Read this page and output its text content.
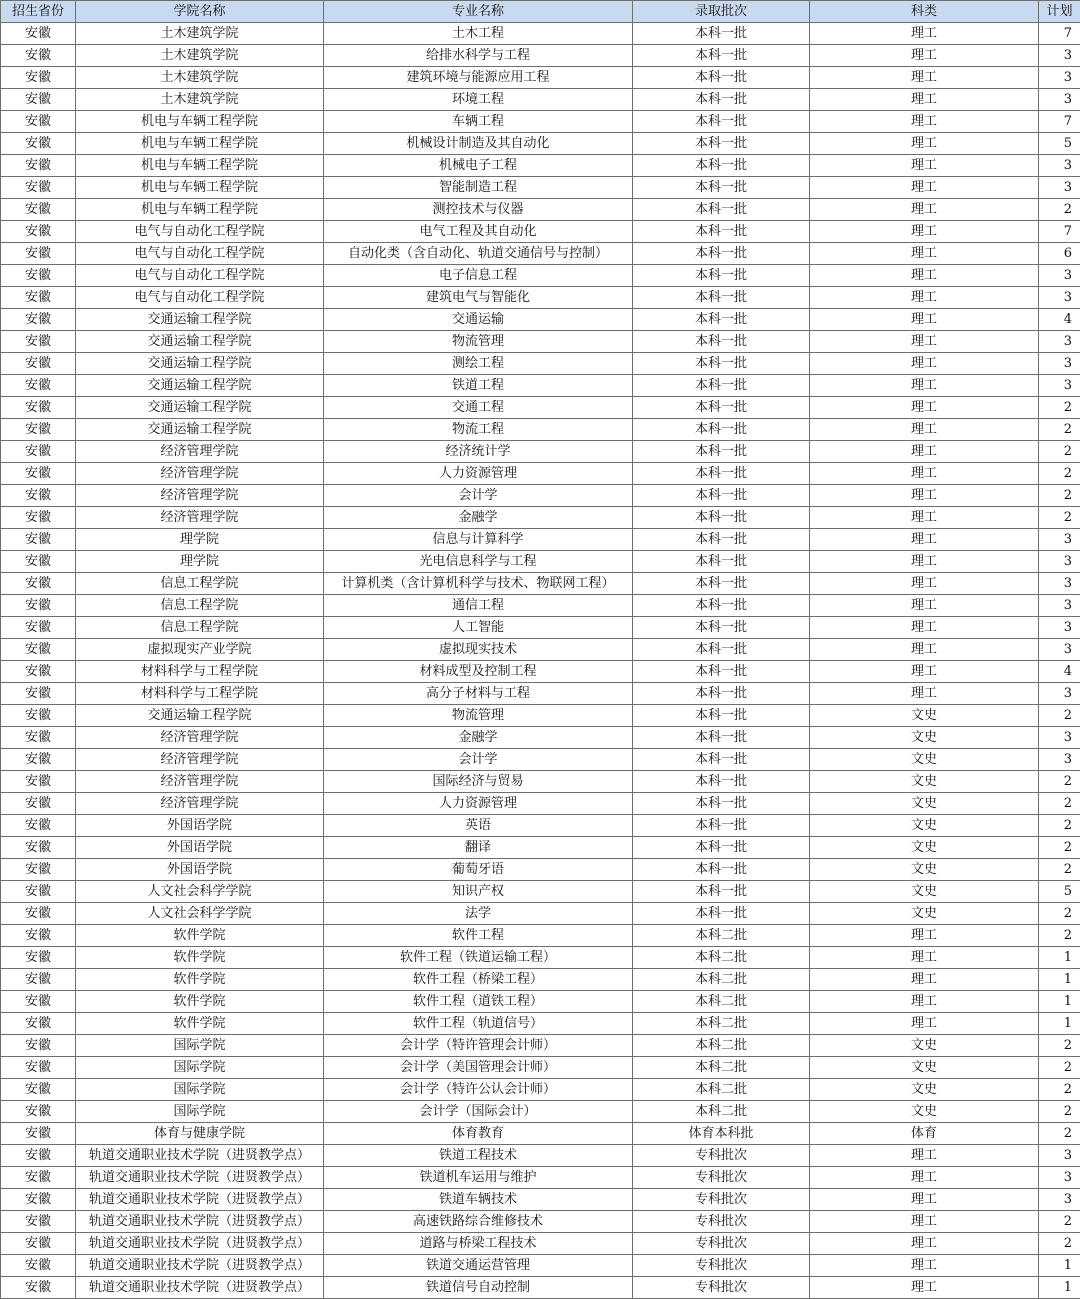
招生省份	学院名称	专业名称	录取批次	科类	计划
安徽	土木建筑学院	土木工程	本科一批	理工	7
安徽	土木建筑学院	给排水科学与工程	本科一批	理工	3
安徽	土木建筑学院	建筑环境与能源应用工程	本科一批	理工	3
安徽	土木建筑学院	环境工程	本科一批	理工	3
安徽	机电与车辆工程学院	车辆工程	本科一批	理工	7
安徽	机电与车辆工程学院	机械设计制造及其自动化	本科一批	理工	5
安徽	机电与车辆工程学院	机械电子工程	本科一批	理工	3
安徽	机电与车辆工程学院	智能制造工程	本科一批	理工	3
安徽	机电与车辆工程学院	测控技术与仪器	本科一批	理工	2
安徽	电气与自动化工程学院	电气工程及其自动化	本科一批	理工	7
安徽	电气与自动化工程学院	自动化类（含自动化、轨道交通信号与控制）	本科一批	理工	6
安徽	电气与自动化工程学院	电子信息工程	本科一批	理工	3
安徽	电气与自动化工程学院	建筑电气与智能化	本科一批	理工	3
安徽	交通运输工程学院	交通运输	本科一批	理工	4
安徽	交通运输工程学院	物流管理	本科一批	理工	3
安徽	交通运输工程学院	测绘工程	本科一批	理工	3
安徽	交通运输工程学院	铁道工程	本科一批	理工	3
安徽	交通运输工程学院	交通工程	本科一批	理工	2
安徽	交通运输工程学院	物流工程	本科一批	理工	2
安徽	经济管理学院	经济统计学	本科一批	理工	2
安徽	经济管理学院	人力资源管理	本科一批	理工	2
安徽	经济管理学院	会计学	本科一批	理工	2
安徽	经济管理学院	金融学	本科一批	理工	2
安徽	理学院	信息与计算科学	本科一批	理工	3
安徽	理学院	光电信息科学与工程	本科一批	理工	3
安徽	信息工程学院	计算机类（含计算机科学与技术、物联网工程）	本科一批	理工	3
安徽	信息工程学院	通信工程	本科一批	理工	3
安徽	信息工程学院	人工智能	本科一批	理工	3
安徽	虚拟现实产业学院	虚拟现实技术	本科一批	理工	3
安徽	材料科学与工程学院	材料成型及控制工程	本科一批	理工	4
安徽	材料科学与工程学院	高分子材料与工程	本科一批	理工	3
安徽	交通运输工程学院	物流管理	本科一批	文史	2
安徽	经济管理学院	金融学	本科一批	文史	3
安徽	经济管理学院	会计学	本科一批	文史	3
安徽	经济管理学院	国际经济与贸易	本科一批	文史	2
安徽	经济管理学院	人力资源管理	本科一批	文史	2
安徽	外国语学院	英语	本科一批	文史	2
安徽	外国语学院	翻译	本科一批	文史	2
安徽	外国语学院	葡萄牙语	本科一批	文史	2
安徽	人文社会科学学院	知识产权	本科一批	文史	5
安徽	人文社会科学学院	法学	本科一批	文史	2
安徽	软件学院	软件工程	本科二批	理工	2
安徽	软件学院	软件工程（铁道运输工程）	本科二批	理工	1
安徽	软件学院	软件工程（桥梁工程）	本科二批	理工	1
安徽	软件学院	软件工程（道铁工程）	本科二批	理工	1
安徽	软件学院	软件工程（轨道信号）	本科二批	理工	1
安徽	国际学院	会计学（特许管理会计师）	本科二批	文史	2
安徽	国际学院	会计学（美国管理会计师）	本科二批	文史	2
安徽	国际学院	会计学（特许公认会计师）	本科二批	文史	2
安徽	国际学院	会计学（国际会计）	本科二批	文史	2
安徽	体育与健康学院	体育教育	体育本科批	体育	2
安徽	轨道交通职业技术学院（进贤教学点）	铁道工程技术	专科批次	理工	3
安徽	轨道交通职业技术学院（进贤教学点）	铁道机车运用与维护	专科批次	理工	3
安徽	轨道交通职业技术学院（进贤教学点）	铁道车辆技术	专科批次	理工	3
安徽	轨道交通职业技术学院（进贤教学点）	高速铁路综合维修技术	专科批次	理工	2
安徽	轨道交通职业技术学院（进贤教学点）	道路与桥梁工程技术	专科批次	理工	2
安徽	轨道交通职业技术学院（进贤教学点）	铁道交通运营管理	专科批次	理工	1
安徽	轨道交通职业技术学院（进贤教学点）	铁道信号自动控制	专科批次	理工	1
